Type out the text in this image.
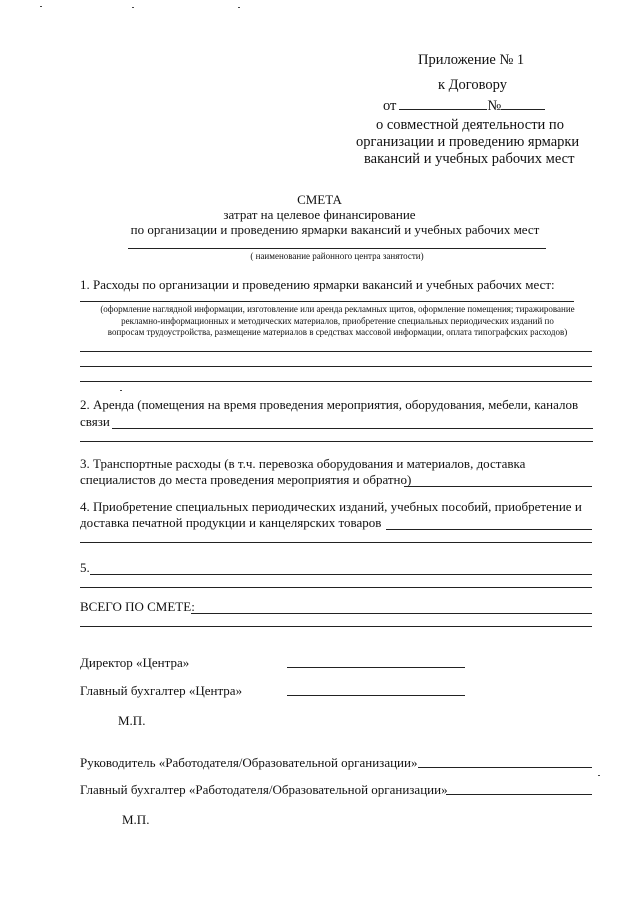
Приложение № 1
к Договору
от	№
о совместной деятельности по
организации и проведению ярмарки
вакансий и учебных рабочих мест
СМЕТА
затрат на целевое финансирование
по организации и проведению ярмарки вакансий и учебных рабочих мест
( наименование районного центра занятости)
1. Расходы по организации и проведению ярмарки вакансий и учебных рабочих мест:
(оформление наглядной информации, изготовление или аренда рекламных щитов, оформление помещения; тиражирование
рекламно-информационных и методических материалов, приобретение специальных периодических изданий по
вопросам трудоустройства, размещение материалов в средствах массовой информации, оплата типографских расходов)
2. Аренда (помещения на время проведения мероприятия, оборудования, мебели, каналов
связи
3. Транспортные расходы (в т.ч. перевозка оборудования и материалов, доставка
специалистов до места проведения мероприятия и обратно)
4. Приобретение специальных периодических изданий, учебных пособий, приобретение и
доставка печатной продукции и канцелярских товаров
5.
ВСЕГО ПО СМЕТЕ:
Директор «Центра»
Главный бухгалтер «Центра»
М.П.
Руководитель «Работодателя/Образовательной организации»
Главный бухгалтер «Работодателя/Образовательной организации»
М.П.
